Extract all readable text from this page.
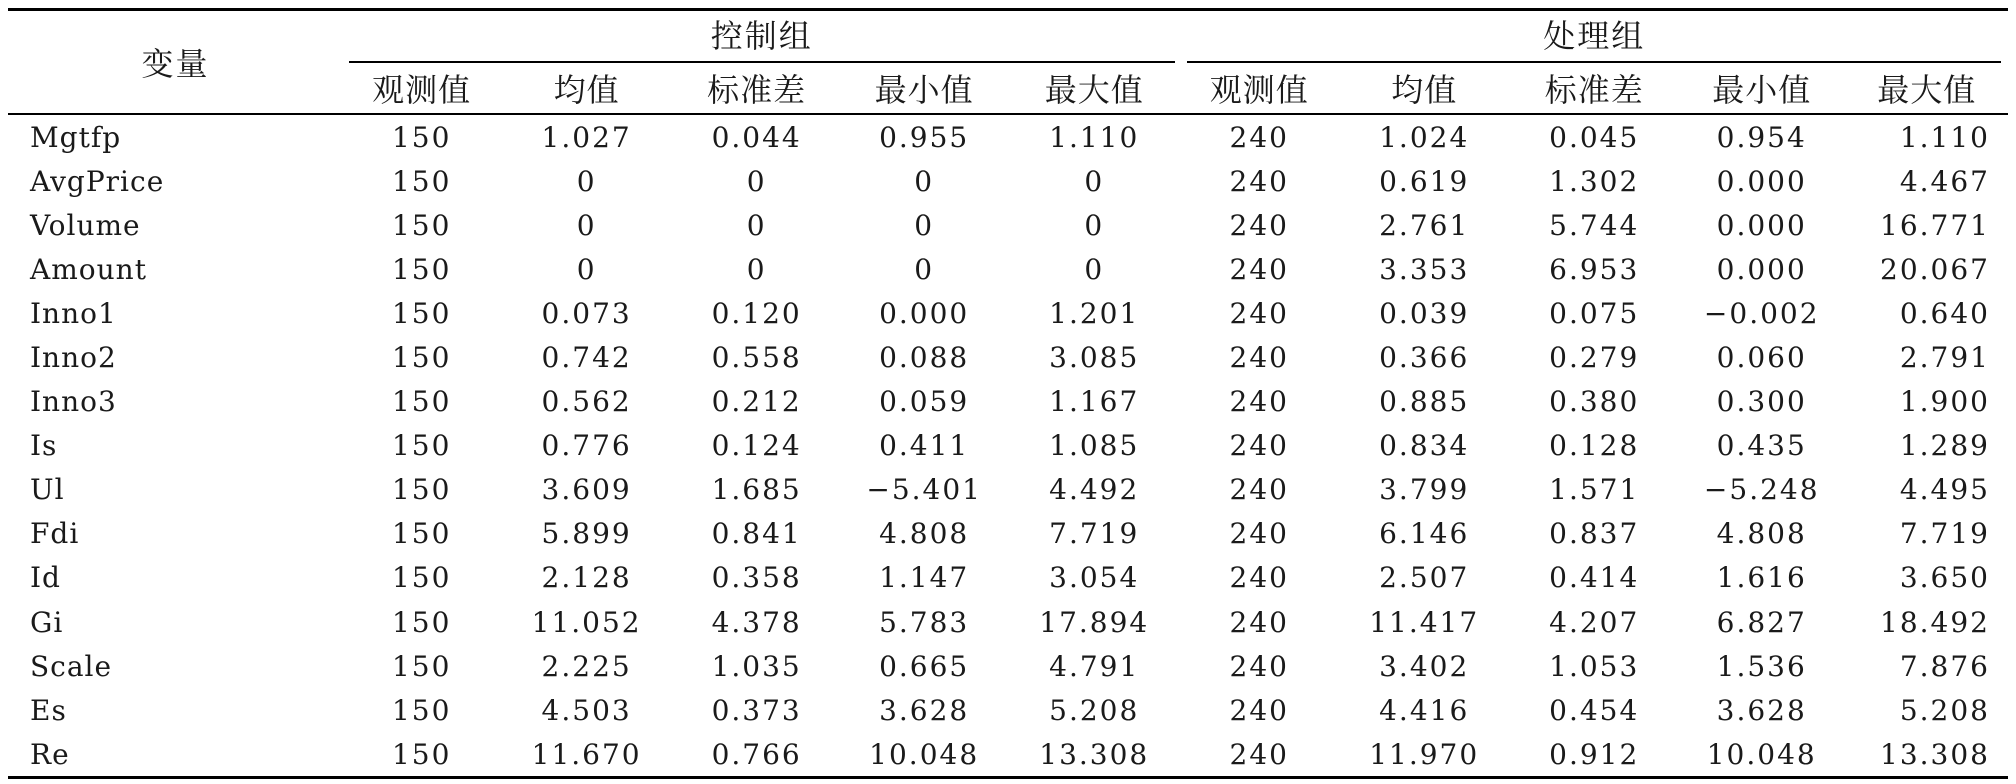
变量	控制组					处理组				

	观测值	均值	标准差	最小值	最大值	观测值	均值	标准差	最小值	最大值
Mgtfp	150	1.027	0.044	0.955	1.110	240	1.024	0.045	0.954	1.110
AvgPrice	150	0	0	0	0	240	0.619	1.302	0.000	4.467
Volume	150	0	0	0	0	240	2.761	5.744	0.000	16.771
Amount	150	0	0	0	0	240	3.353	6.953	0.000	20.067
Inno1	150	0.073	0.120	0.000	1.201	240	0.039	0.075	−0.002	0.640
Inno2	150	0.742	0.558	0.088	3.085	240	0.366	0.279	0.060	2.791
Inno3	150	0.562	0.212	0.059	1.167	240	0.885	0.380	0.300	1.900
Is	150	0.776	0.124	0.411	1.085	240	0.834	0.128	0.435	1.289
Ul	150	3.609	1.685	−5.401	4.492	240	3.799	1.571	−5.248	4.495
Fdi	150	5.899	0.841	4.808	7.719	240	6.146	0.837	4.808	7.719
Id	150	2.128	0.358	1.147	3.054	240	2.507	0.414	1.616	3.650
Gi	150	11.052	4.378	5.783	17.894	240	11.417	4.207	6.827	18.492
Scale	150	2.225	1.035	0.665	4.791	240	3.402	1.053	1.536	7.876
Es	150	4.503	0.373	3.628	5.208	240	4.416	0.454	3.628	5.208
Re	150	11.670	0.766	10.048	13.308	240	11.970	0.912	10.048	13.308
